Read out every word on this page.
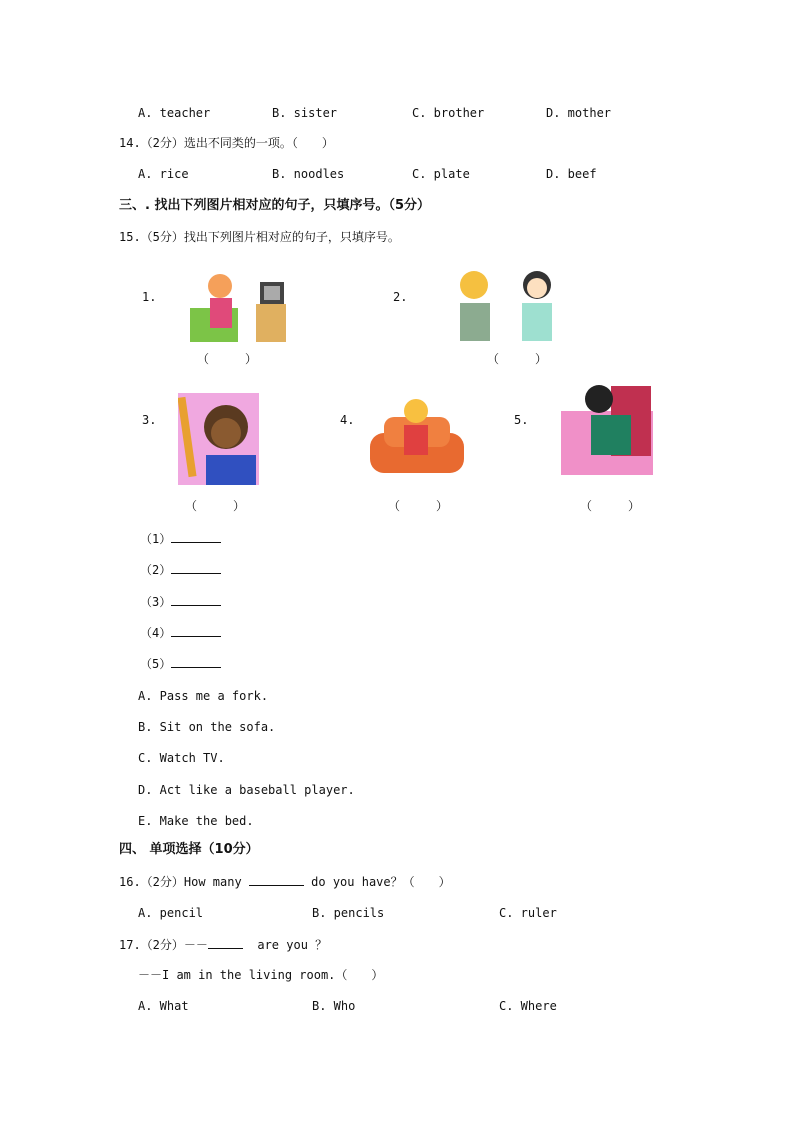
A. teacher	B. sister	C. brother	D. mother
14.（2分）选出不同类的一项。（　　）
A. rice	B. noodles	C. plate	D. beef
三、. 找出下列图片相对应的句子，只填序号。（5分）
15.（5分）找出下列图片相对应的句子，只填序号。
1.
（　　　）
2.
（　　　）
3.
（　　　）
4.
（　　　）
5.
（　　　）
（1）
（2）
（3）
（4）
（5）
A. Pass me a fork.
B. Sit on the sofa.
C. Watch TV.
D. Act like a baseball player.
E. Make the bed.
四、 单项选择（10分）
16.（2分）How many	do you have？（　　）
A. pencil	B. pencils	C. ruler
17.（2分）－－	are you ？
－－I am in the living room.（　　）
A. What	B. Who	C. Where
